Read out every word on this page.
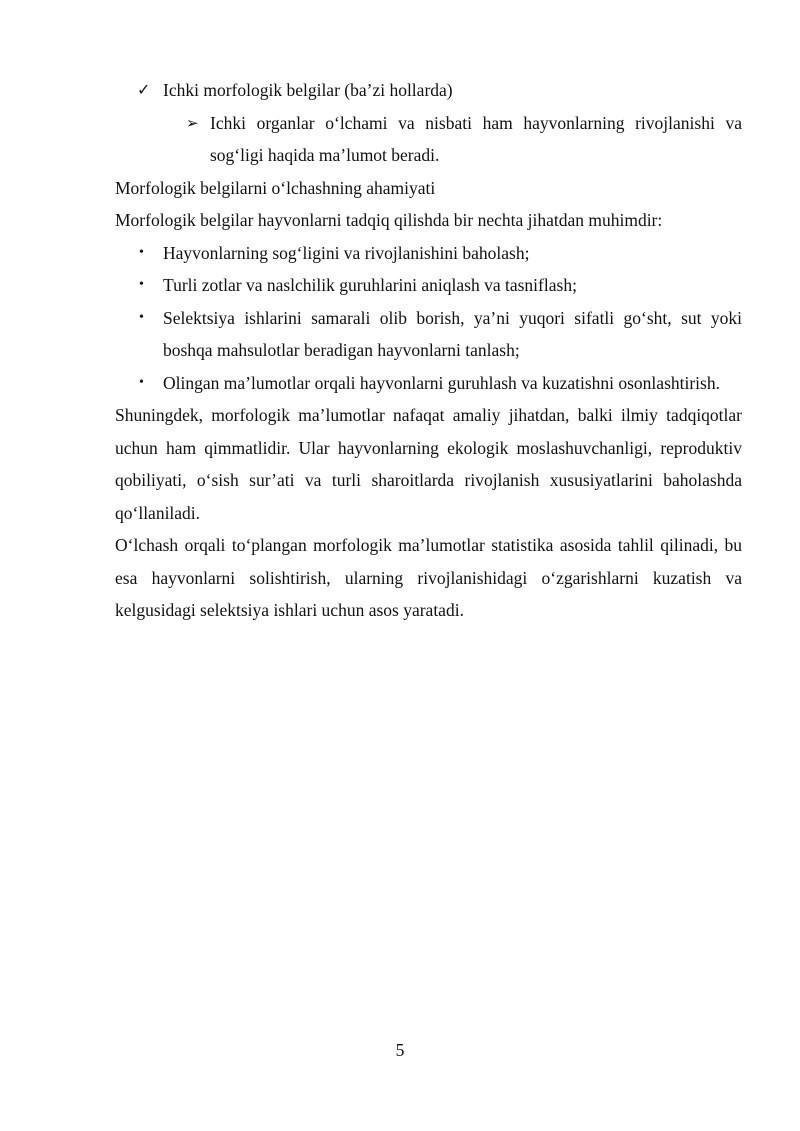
✓ Ichki morfologik belgilar (ba’zi hollarda)
➢ Ichki organlar o‘lchami va nisbati ham hayvonlarning rivojlanishi va sog‘ligi haqida ma’lumot beradi.

Morfologik belgilarni o‘lchashning ahamiyati

Morfologik belgilar hayvonlarni tadqiq qilishda bir nechta jihatdan muhimdir:

• Hayvonlarning sog‘ligini va rivojlanishini baholash;
• Turli zotlar va naslchilik guruhlarini aniqlash va tasniflash;
• Selektsiya ishlarini samarali olib borish, ya’ni yuqori sifatli go‘sht, sut yoki boshqa mahsulotlar beradigan hayvonlarni tanlash;
• Olingan ma’lumotlar orqali hayvonlarni guruhlash va kuzatishni osonlashtirish.

Shuningdek, morfologik ma’lumotlar nafaqat amaliy jihatdan, balki ilmiy tadqiqotlar uchun ham qimmatlidir. Ular hayvonlarning ekologik moslashuvchanligi, reproduktiv qobiliyati, o‘sish sur’ati va turli sharoitlarda rivojlanish xususiyatlarini baholashda qo‘llaniladi.

O‘lchash orqali to‘plangan morfologik ma’lumotlar statistika asosida tahlil qilinadi, bu esa hayvonlarni solishtirish, ularning rivojlanishidagi o‘zgarishlarni kuzatish va kelgusidagi selektsiya ishlari uchun asos yaratadi.

5
